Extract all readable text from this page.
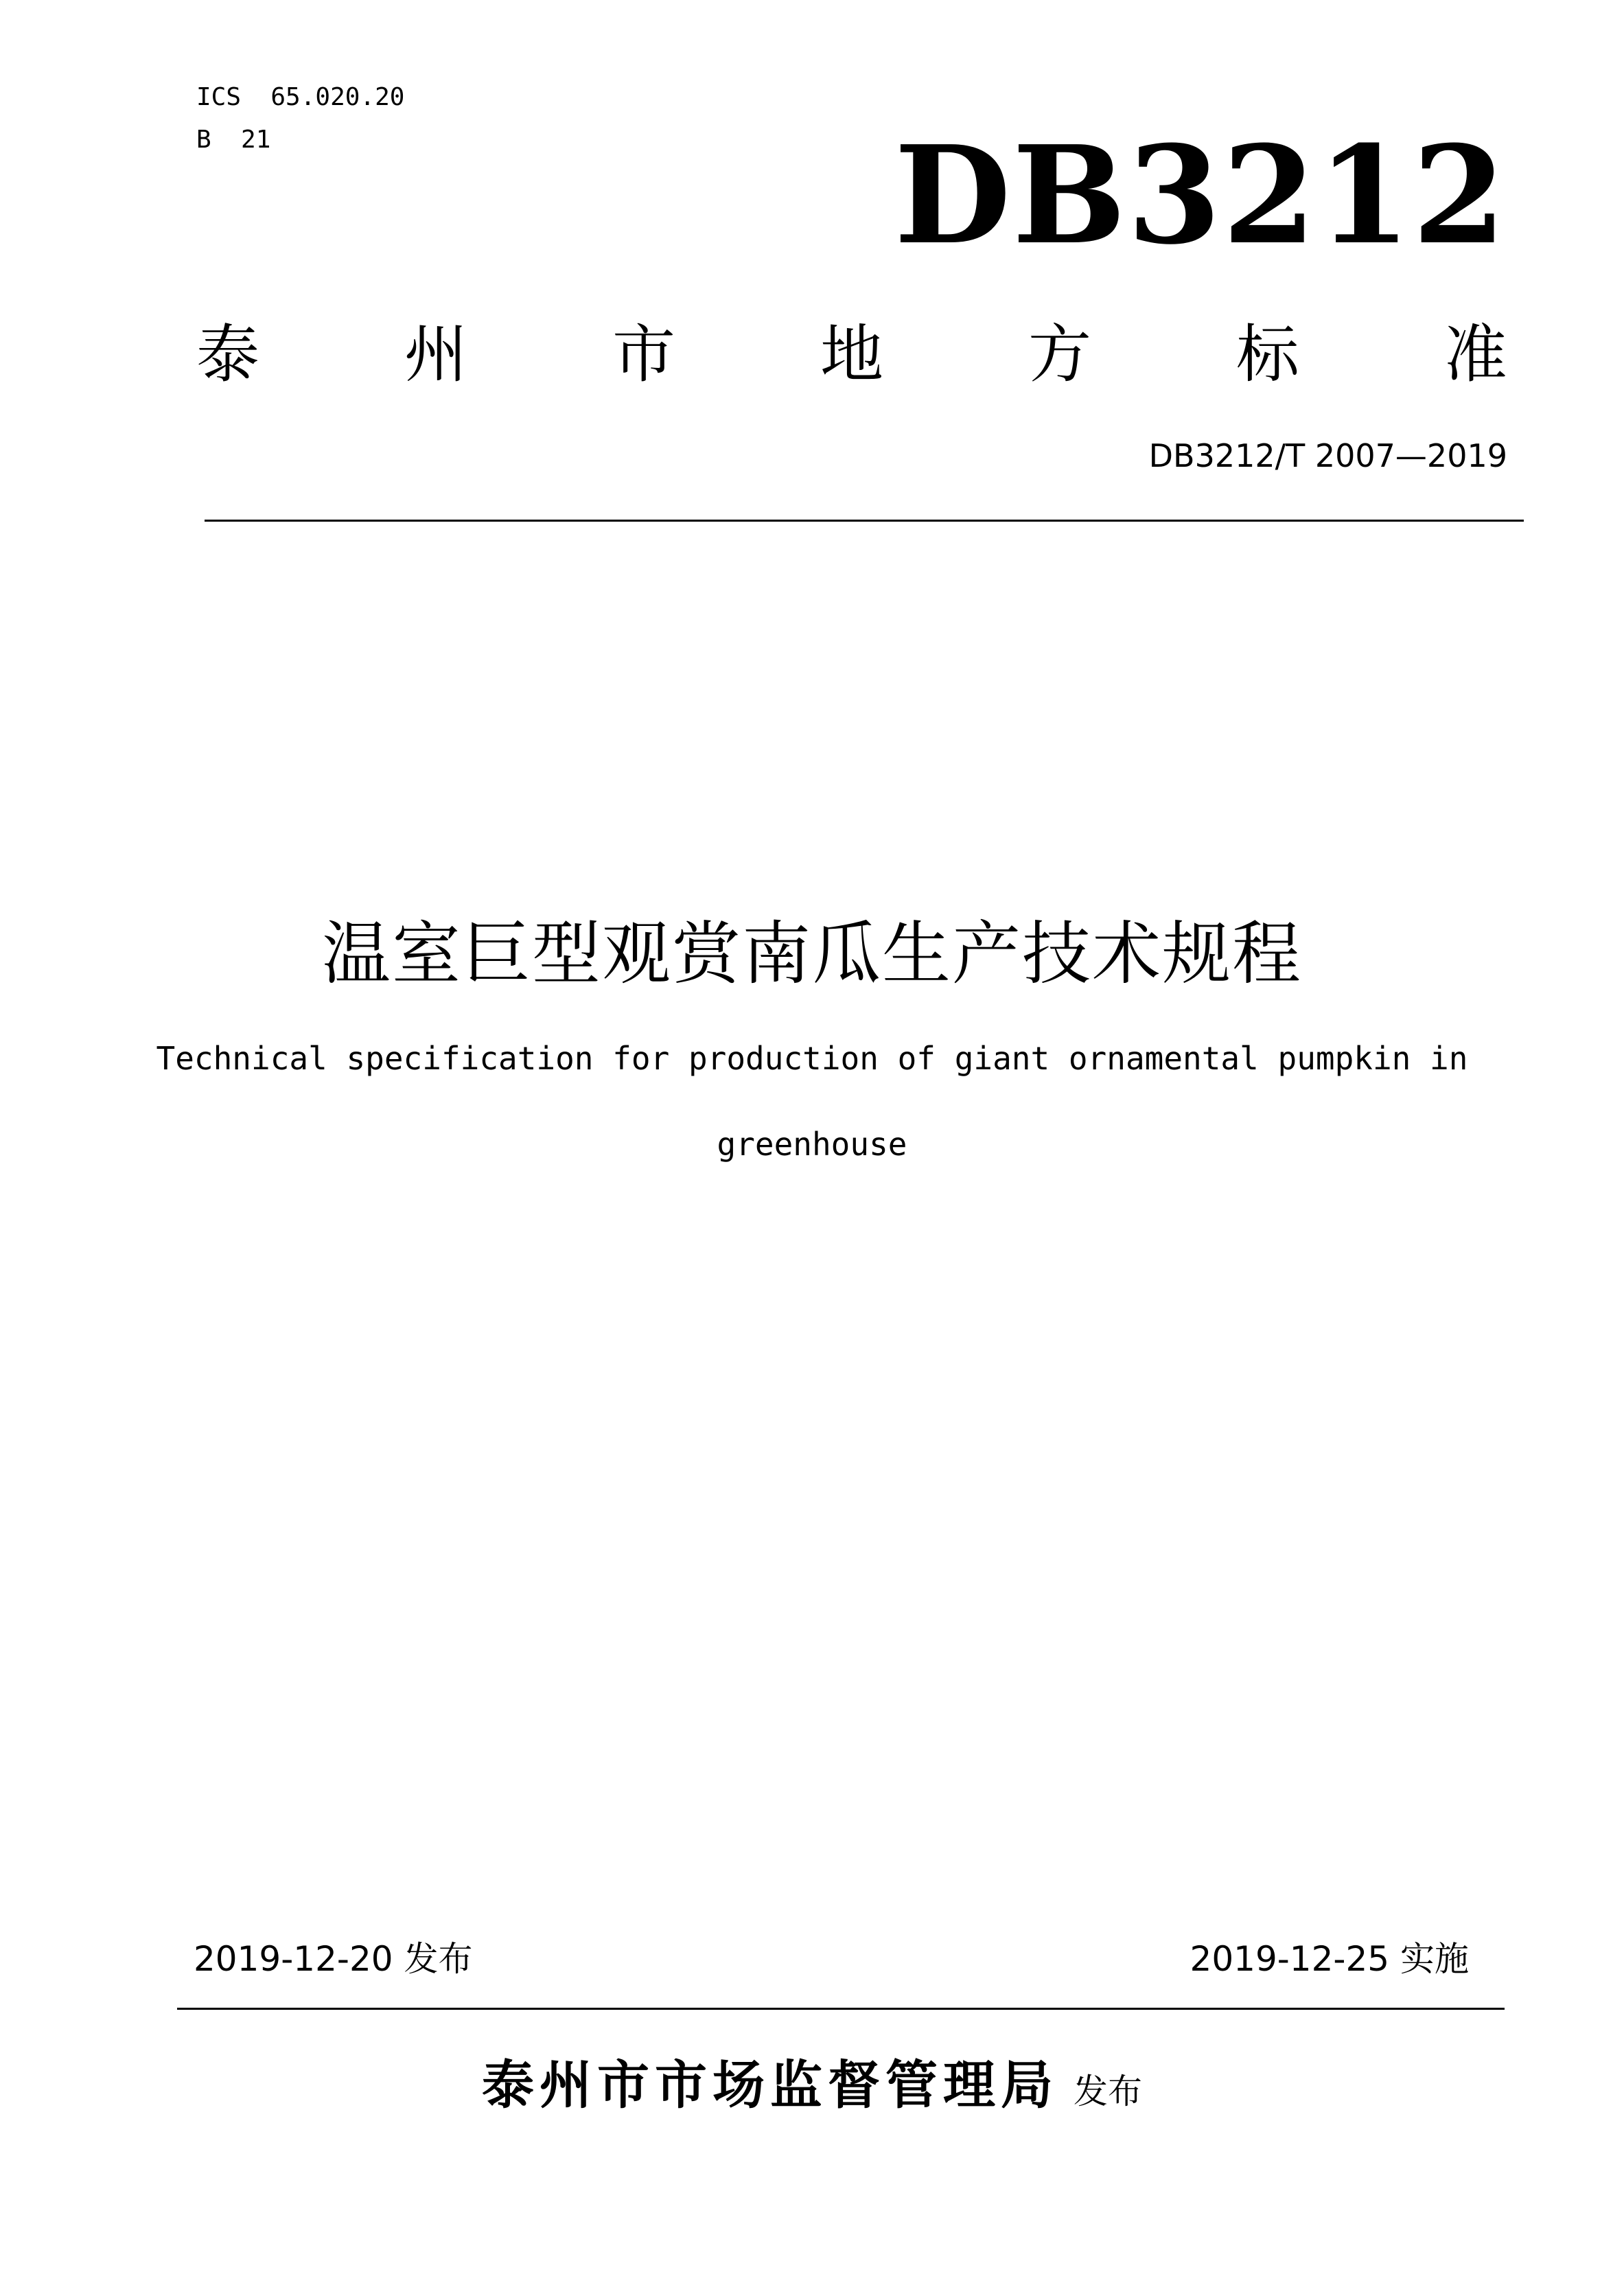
ICS  65.020.20
B  21	DB3212
泰 州 市 地 方 标 准
DB3212/T 2007—2019
温室巨型观赏南瓜生产技术规程
Technical specification for production of giant ornamental pumpkin in
greenhouse
2019-12-20 发布	2019-12-25 实施
泰州市市场监督管理局 发布
